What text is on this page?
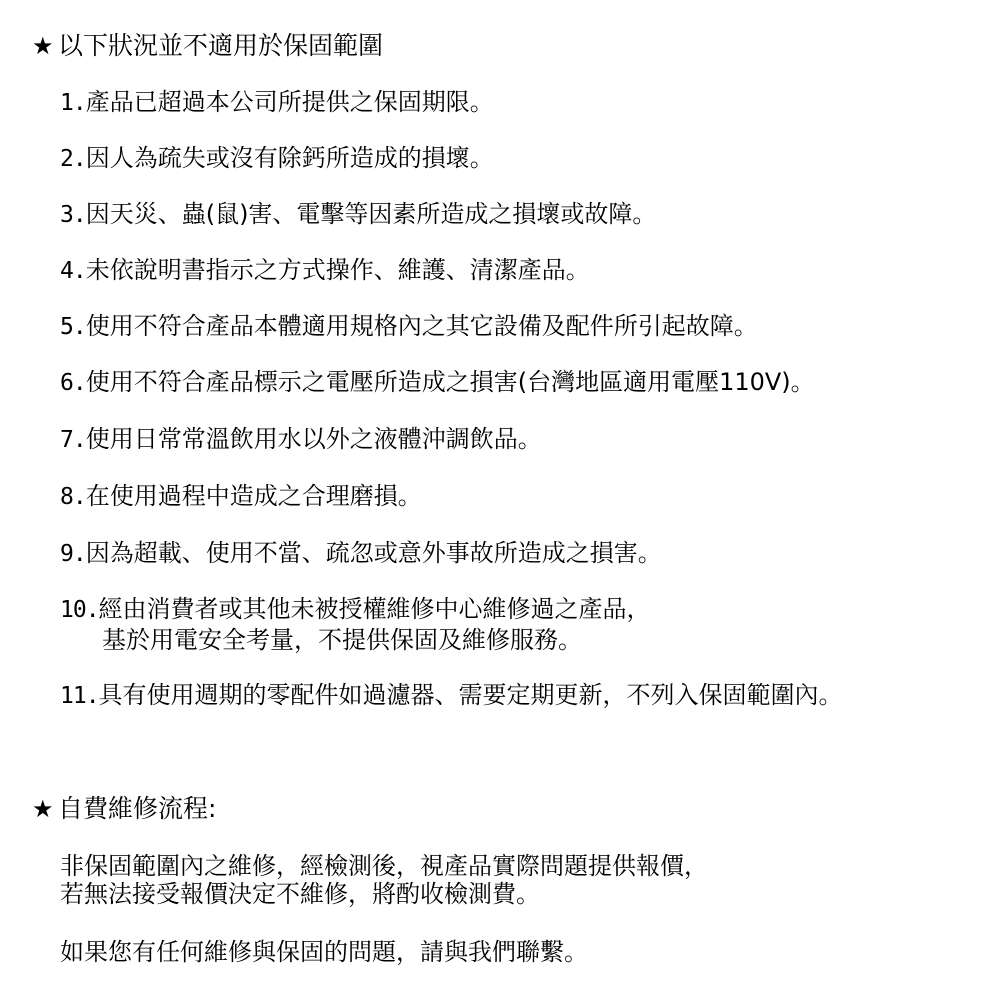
★ 以下狀況並不適用於保固範圍
1.產品已超過本公司所提供之保固期限。
2.因人為疏失或沒有除鈣所造成的損壞。
3.因天災、蟲(鼠)害、電擊等因素所造成之損壞或故障。
4.未依說明書指示之方式操作、維護、清潔產品。
5.使用不符合產品本體適用規格內之其它設備及配件所引起故障。
6.使用不符合產品標示之電壓所造成之損害(台灣地區適用電壓110V)。
7.使用日常常溫飲用水以外之液體沖調飲品。
8.在使用過程中造成之合理磨損。
9.因為超載、使用不當、疏忽或意外事故所造成之損害。
10.經由消費者或其他未被授權維修中心維修過之產品，
基於用電安全考量，不提供保固及維修服務。
11.具有使用週期的零配件如過濾器、需要定期更新，不列入保固範圍內。
★ 自費維修流程:
非保固範圍內之維修，經檢測後，視產品實際問題提供報價，
若無法接受報價決定不維修，將酌收檢測費。
如果您有任何維修與保固的問題，請與我們聯繫。
